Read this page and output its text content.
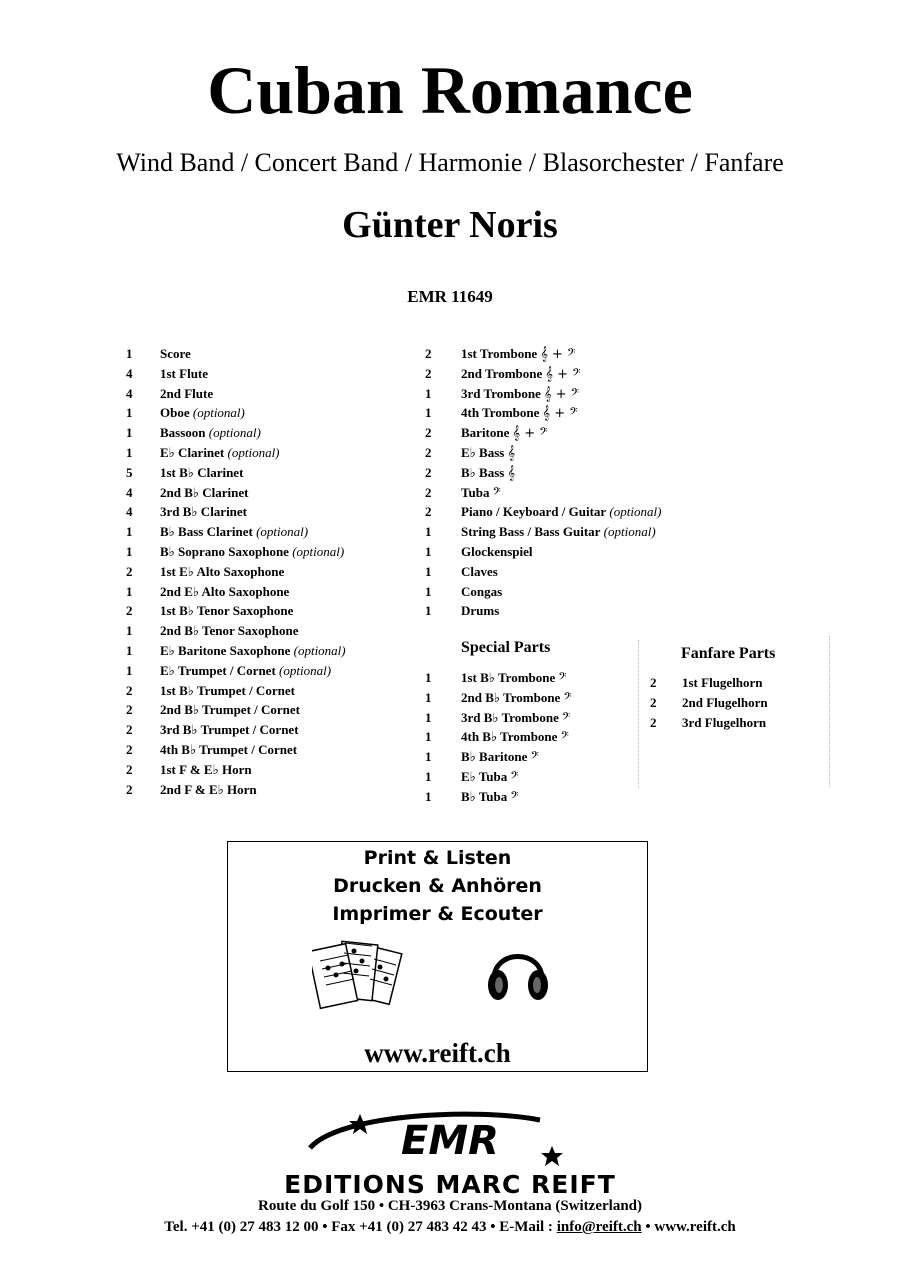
Cuban Romance
Wind Band / Concert Band / Harmonie / Blasorchester / Fanfare
Günter Noris
EMR 11649
1	Score
4	1st Flute
4	2nd Flute
1	Oboe (optional)
1	Bassoon (optional)
1	E♭ Clarinet (optional)
5	1st B♭ Clarinet
4	2nd B♭ Clarinet
4	3rd B♭ Clarinet
1	B♭ Bass Clarinet (optional)
1	B♭ Soprano Saxophone (optional)
2	1st E♭ Alto Saxophone
1	2nd E♭ Alto Saxophone
2	1st B♭ Tenor Saxophone
1	2nd B♭ Tenor Saxophone
1	E♭ Baritone Saxophone (optional)
1	E♭ Trumpet / Cornet (optional)
2	1st B♭ Trumpet / Cornet
2	2nd B♭ Trumpet / Cornet
2	3rd B♭ Trumpet / Cornet
2	4th B♭ Trumpet / Cornet
2	1st F & E♭ Horn
2	2nd F & E♭ Horn
2	1st Trombone 𝄞 + 𝄢
2	2nd Trombone 𝄞 + 𝄢
1	3rd Trombone 𝄞 + 𝄢
1	4th Trombone 𝄞 + 𝄢
2	Baritone 𝄞 + 𝄢
2	E♭ Bass 𝄞
2	B♭ Bass 𝄞
2	Tuba 𝄢
2	Piano / Keyboard / Guitar (optional)
1	String Bass / Bass Guitar (optional)
1	Glockenspiel
1	Claves
1	Congas
1	Drums
Special Parts
1	1st B♭ Trombone 𝄢
1	2nd B♭ Trombone 𝄢
1	3rd B♭ Trombone 𝄢
1	4th B♭ Trombone 𝄢
1	B♭ Baritone 𝄢
1	E♭ Tuba 𝄢
1	B♭ Tuba 𝄢
Fanfare Parts
2	1st Flugelhorn
2	2nd Flugelhorn
2	3rd Flugelhorn
Print & Listen
Drucken & Anhören
Imprimer & Ecouter
www.reift.ch
EMR
EDITIONS MARC REIFT
Route du Golf 150 • CH-3963 Crans-Montana (Switzerland)
Tel. +41 (0) 27 483 12 00 • Fax +41 (0) 27 483 42 43 • E-Mail : info@reift.ch • www.reift.ch
